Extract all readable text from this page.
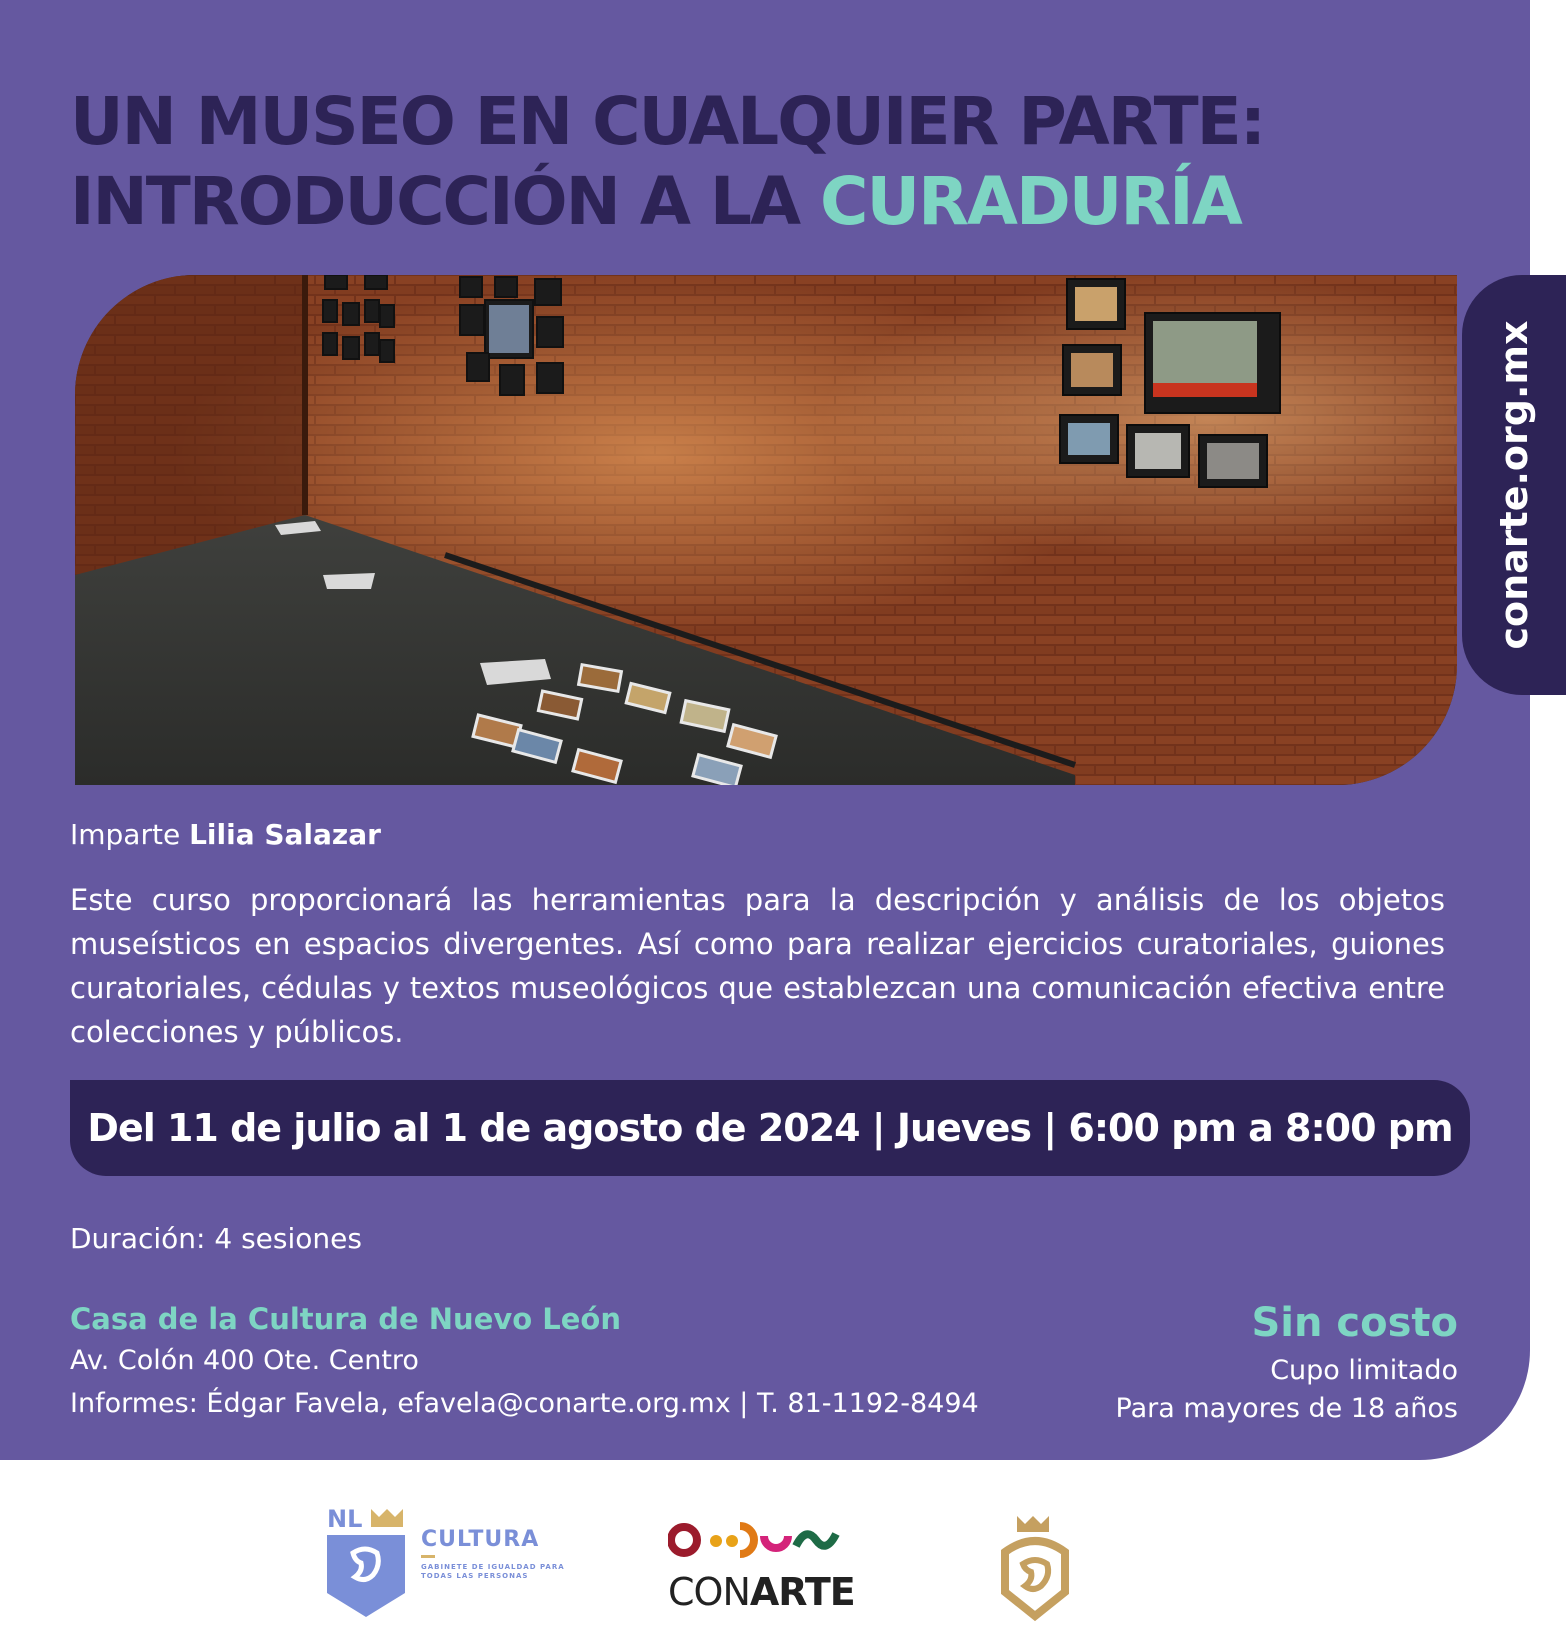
UN MUSEO EN CUALQUIER PARTE:
INTRODUCCIÓN A LA CURADURÍA
conarte.org.mx

Imparte Lilia Salazar

Este curso proporcionará las herramientas para la descripción y análisis de los objetos museísticos en espacios divergentes. Así como para realizar ejercicios curatoriales, guiones curatoriales, cédulas y textos museológicos que establezcan una comunicación efectiva entre colecciones y públicos.

Del 11 de julio al 1 de agosto de 2024 | Jueves | 6:00 pm a 8:00 pm

Duración: 4 sesiones

Casa de la Cultura de Nuevo León

Av. Colón 400 Ote. Centro

Informes: Édgar Favela, efavela@conarte.org.mx | T. 81-1192-8494

Sin costo

Cupo limitado

Para mayores de 18 años

NL

CULTURA

GABINETE DE IGUALDAD PARA TODAS LAS PERSONAS	CONARTE
